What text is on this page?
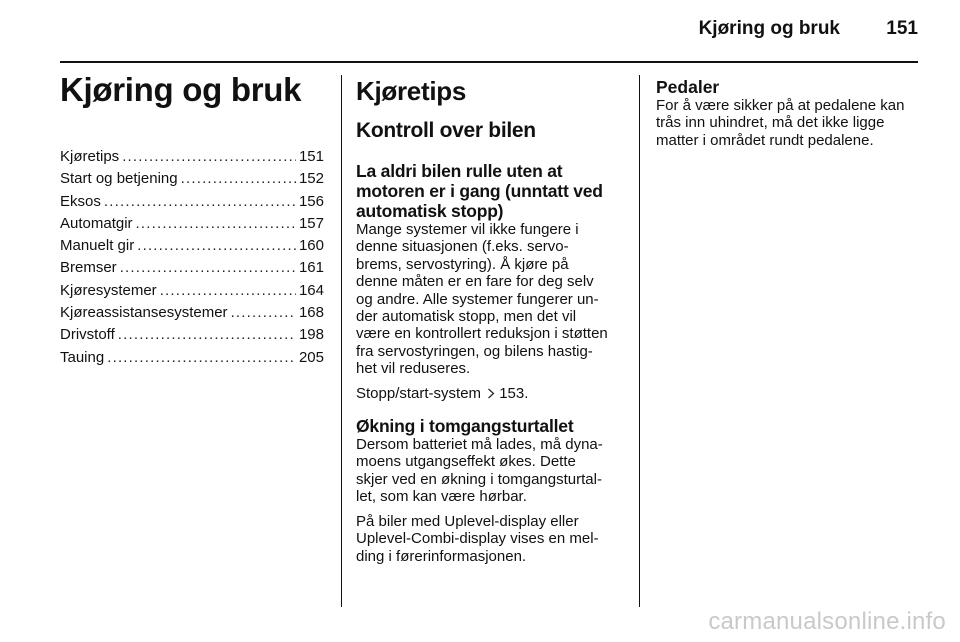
Kjøring og bruk 151
Kjøring og bruk
Kjøretips .....	151
Start og betjening .....	152
Eksos .....	156
Automatgir .....	157
Manuelt gir .....	160
Bremser .....	161
Kjøresystemer .....	164
Kjøreassistansesystemer .....	168
Drivstoff .....	198
Tauing .....	205
Kjøretips
Kontroll over bilen
La aldri bilen rulle uten at
motoren er i gang (unntatt ved
automatisk stopp)

Mange systemer vil ikke fungere i
denne situasjonen (f.eks. servo-
brems, servostyring). Å kjøre på
denne måten er en fare for deg selv
og andre. Alle systemer fungerer un-
der automatisk stopp, men det vil
være en kontrollert reduksjon i støtten
fra servostyringen, og bilens hastig-
het vil reduseres.

Stopp/start-system 153.

Økning i tomgangsturtallet

Dersom batteriet må lades, må dyna-
moens utgangseffekt økes. Dette
skjer ved en økning i tomgangsturtal-
let, som kan være hørbar.

På biler med Uplevel-display eller
Uplevel-Combi-display vises en mel-
ding i førerinformasjonen.

Pedaler

For å være sikker på at pedalene kan
trås inn uhindret, må det ikke ligge
matter i området rundt pedalene.

carmanualsonline.info
